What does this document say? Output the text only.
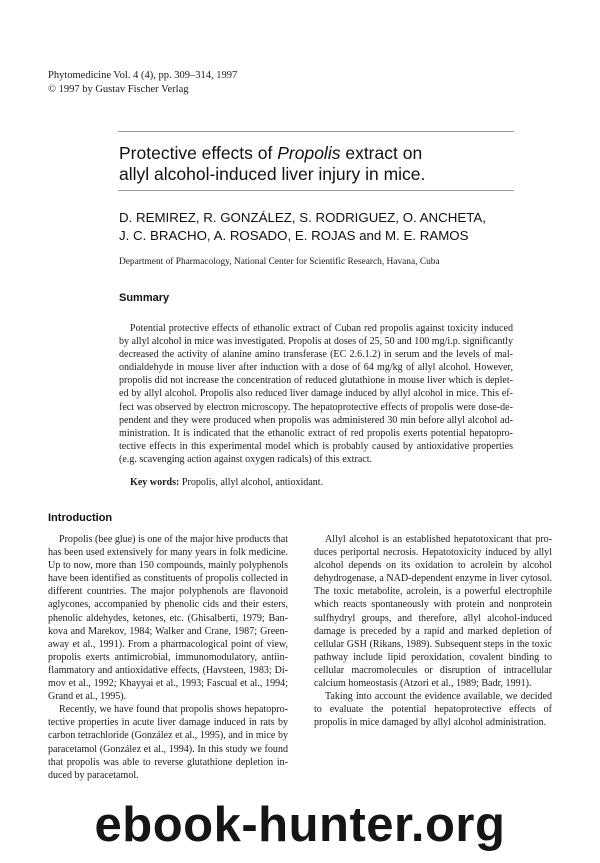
Phytomedicine Vol. 4 (4), pp. 309–314, 1997
© 1997 by Gustav Fischer Verlag
Protective effects of Propolis extract on
allyl alcohol-induced liver injury in mice.
D. REMIREZ, R. GONZÁLEZ, S. RODRIGUEZ, O. ANCHETA,
J. C. BRACHO, A. ROSADO, E. ROJAS and M. E. RAMOS
Department of Pharmacology, National Center for Scientific Research, Havana, Cuba
Summary
Potential protective effects of ethanolic extract of Cuban red propolis against toxicity induced by allyl alcohol in mice was investigated. Propolis at doses of 25, 50 and 100 mg/i.p. significantly decreased the activity of alanine amino transferase (EC 2.6.1.2) in serum and the levels of malondialdehyde in mouse liver after induction with a dose of 64 mg/kg of allyl alcohol. However, propolis did not increase the concentration of reduced glutathione in mouse liver which is depleted by allyl alcohol. Propolis also reduced liver damage induced by allyl alcohol in mice. This effect was observed by electron microscopy. The hepatoprotective effects of propolis were dose-dependent and they were produced when propolis was administered 30 min before allyl alcohol administration. It is indicated that the ethanolic extract of red propolis exerts potential hepatoprotective effects in this experimental model which is probably caused by antioxidative properties (e.g. scavenging action against oxygen radicals) of this extract.
Key words: Propolis, allyl alcohol, antioxidant.
Introduction

Propolis (bee glue) is one of the major hive products that has been used extensively for many years in folk medicine. Up to now, more than 150 compounds, mainly polyphenols have been identified as constituents of propolis collected in different countries. The major polyphenols are flavonoid aglycones, accompanied by phenolic cids and their esters, phenolic aldehydes, ketones, etc. (Ghisalberti, 1979; Bankova and Marekov, 1984; Walker and Crane, 1987; Greenaway et al., 1991). From a pharmacological point of view, propolis exerts antimicrobial, immunomodulatory, antiinflammatory and antioxidative effects, (Havsteen, 1983; Dimov et al., 1992; Khayyai et al., 1993; Fascual et al., 1994; Grand et al., 1995).

Recently, we have found that propolis shows hepatoprotective properties in acute liver damage induced in rats by carbon tetrachloride (González et al., 1995), and in mice by paracetamol (González et al., 1994). In this study we found that propolis was able to reverse glutathione depletion induced by paracetamol.

Allyl alcohol is an established hepatotoxicant that produces periportal necrosis. Hepatotoxicity induced by allyl alcohol depends on its oxidation to acrolein by alcohol dehydrogenase, a NAD-dependent enzyme in liver cytosol. The toxic metabolite, acrolein, is a powerful electrophile which reacts spontaneously with protein and nonprotein sulfhydryl groups, and therefore, allyl alcohol-induced damage is preceded by a rapid and marked depletion of cellular GSH (Rikans, 1989). Subsequent steps in the toxic pathway include lipid peroxidation, covalent binding to cellular macromolecules or disruption of intracellular calcium homeostasis (Atzori et al., 1989; Badr, 1991).

Taking into account the evidence available, we decided to evaluate the potential hepatoprotective effects of propolis in mice damaged by allyl alcohol administration.

ebook-hunter.org
